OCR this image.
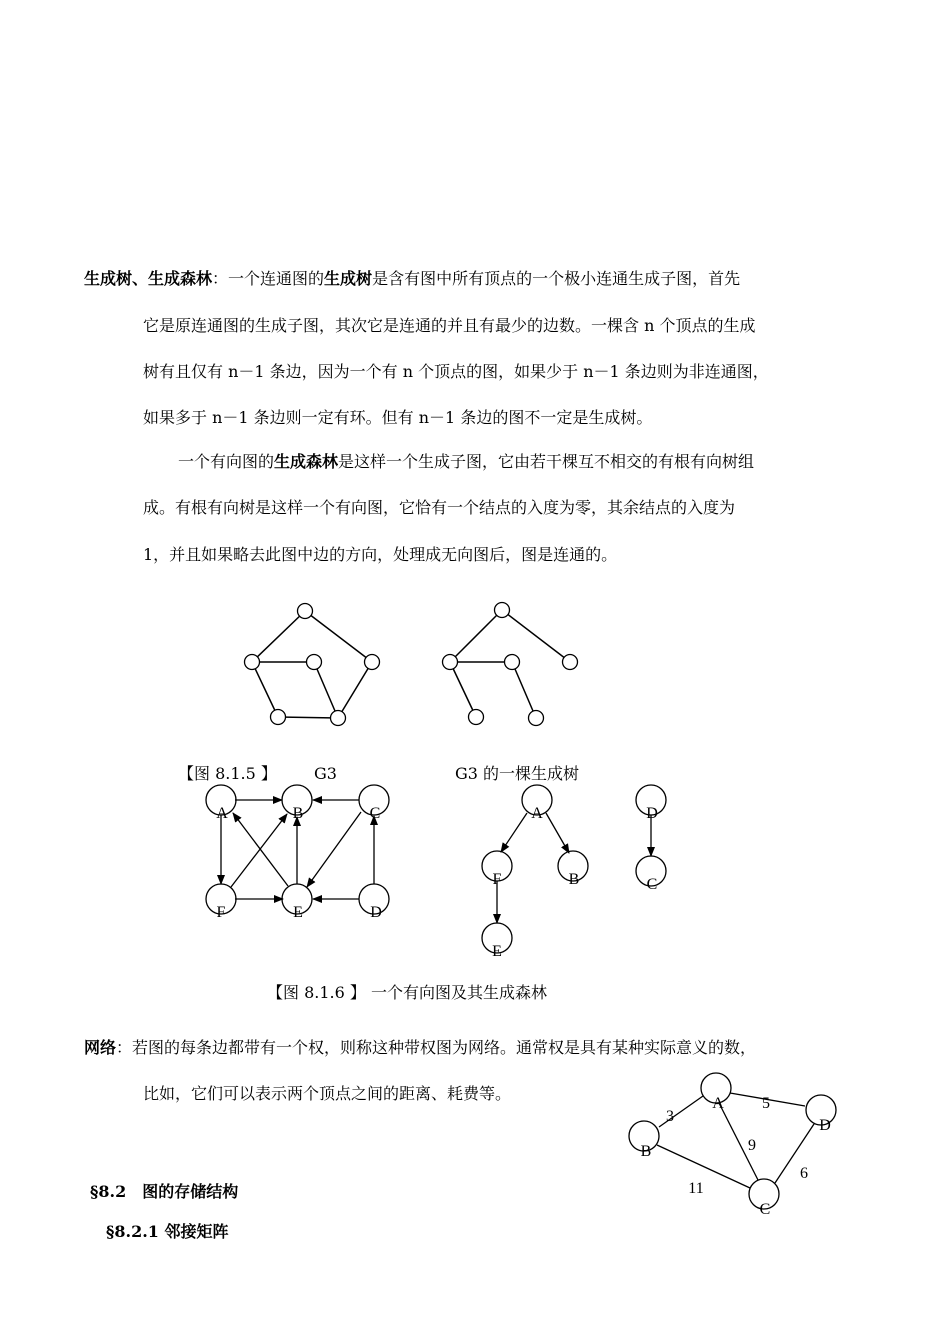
生成树、生成森林：一个连通图的生成树是含有图中所有顶点的一个极小连通生成子图，首先
它是原连通图的生成子图，其次它是连通的并且有最少的边数。一棵含 n 个顶点的生成
树有且仅有 n－1 条边，因为一个有 n 个顶点的图，如果少于 n－1 条边则为非连通图，
如果多于 n－1 条边则一定有环。但有 n－1 条边的图不一定是生成树。
一个有向图的生成森林是这样一个生成子图，它由若干棵互不相交的有根有向树组
成。有根有向树是这样一个有向图，它恰有一个结点的入度为零，其余结点的入度为
1，并且如果略去此图中边的方向，处理成无向图后，图是连通的。
【图 8.1.5 】 G3	G3 的一棵生成树
A	B	C
F	E	D
A
F	B
E
D
C
【图 8.1.6 】 一个有向图及其生成森林
网络：若图的每条边都带有一个权，则称这种带权图为网络。通常权是具有某种实际意义的数，
比如，它们可以表示两个顶点之间的距离、耗费等。
A
B
C
D
3
5
9
6
11
§8.2　图的存储结构
§8.2.1 邻接矩阵
